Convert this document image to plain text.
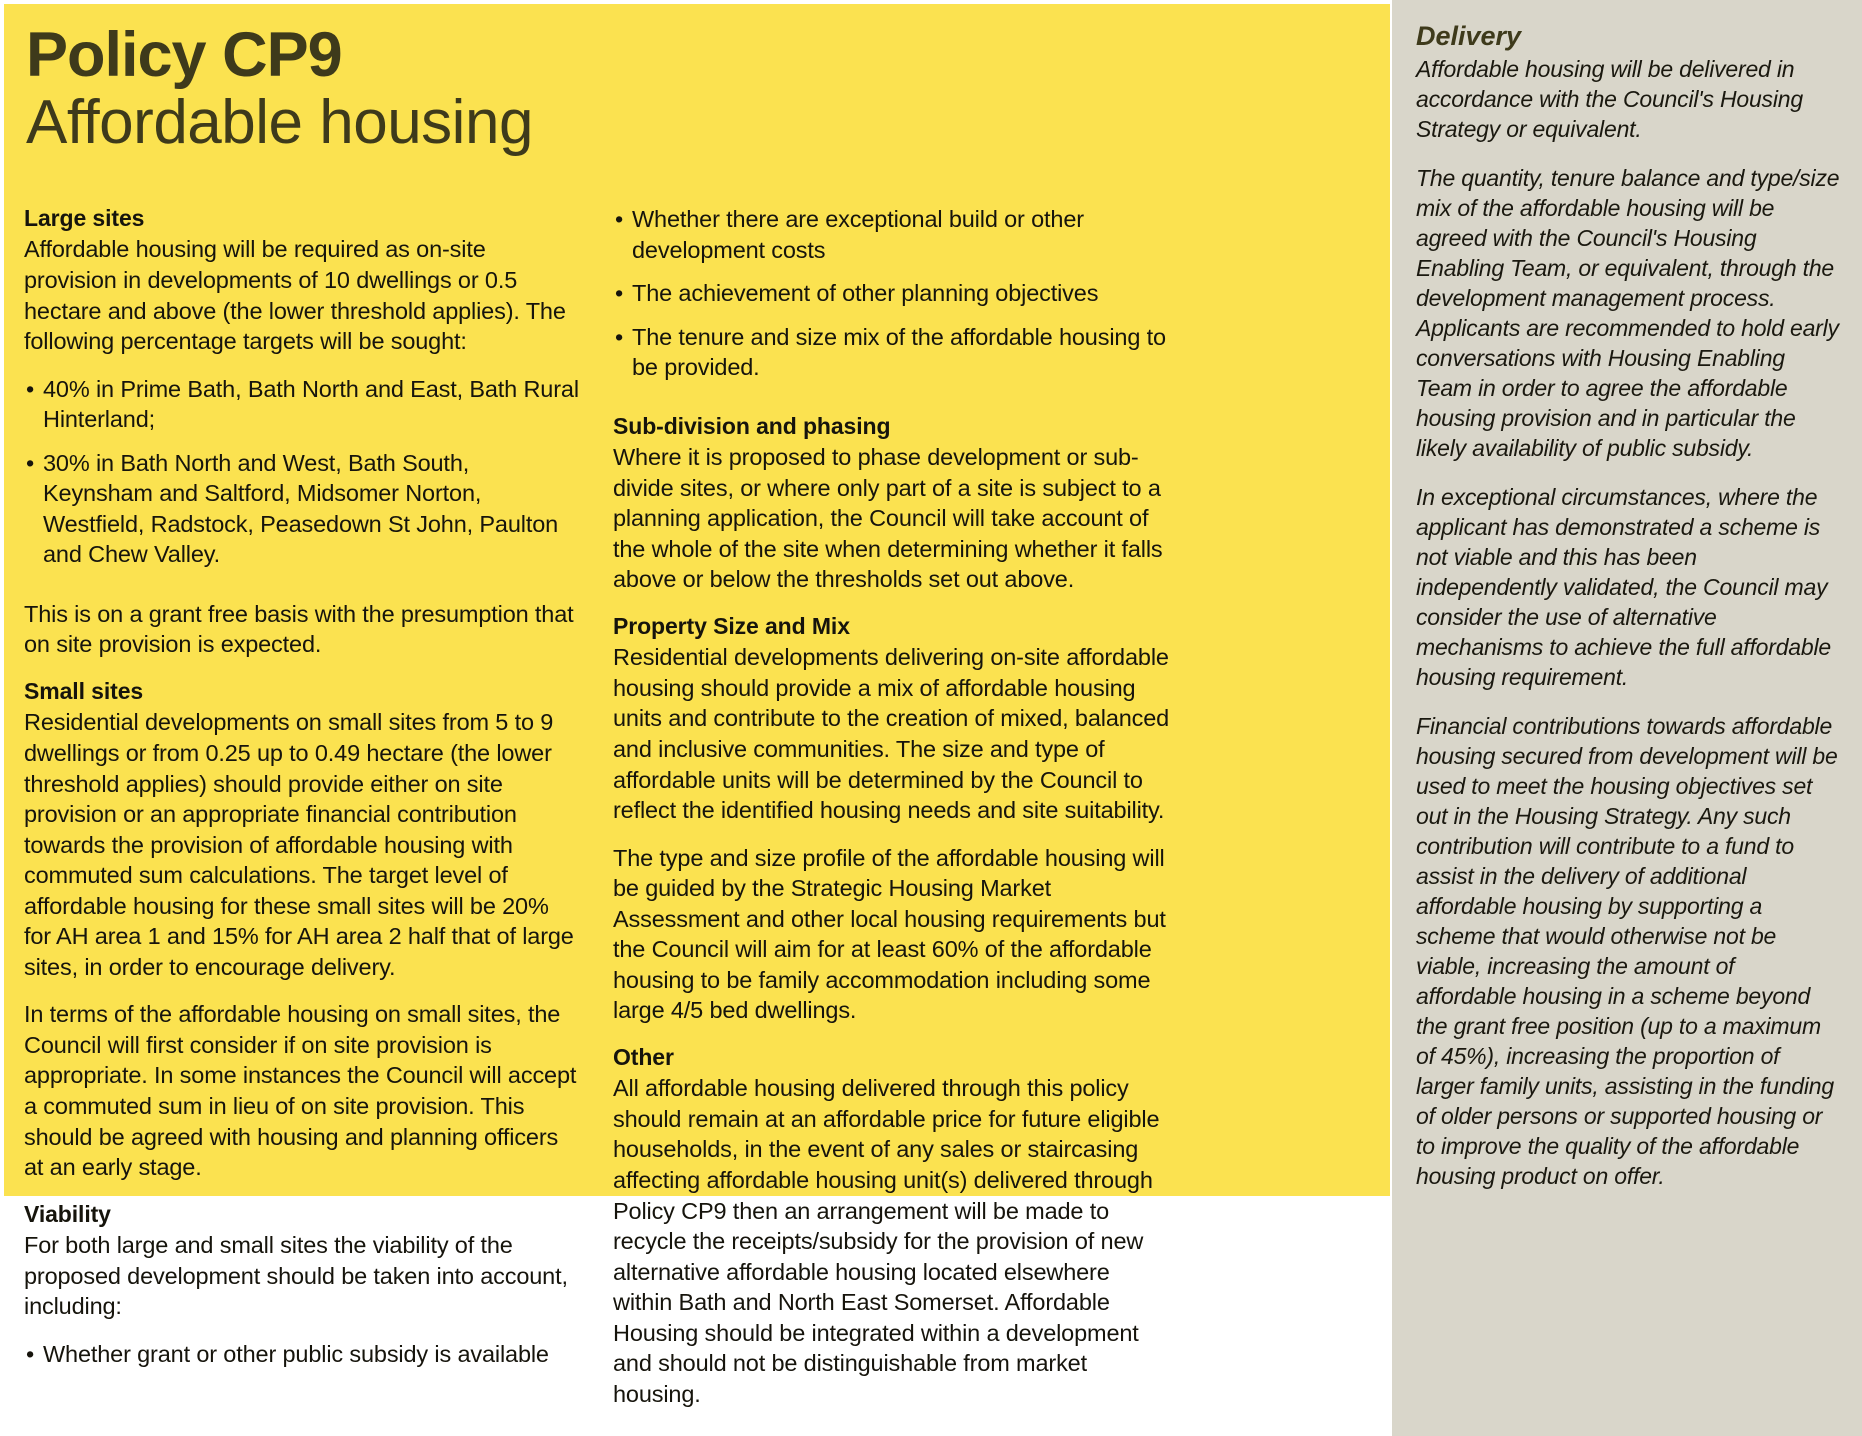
Policy CP9
Affordable housing
Large sites

Affordable housing will be required as on-site provision in developments of 10 dwellings or 0.5 hectare and above (the lower threshold applies). The following percentage targets will be sought:

• 40% in Prime Bath, Bath North and East, Bath Rural Hinterland;
• 30% in Bath North and West, Bath South, Keynsham and Saltford, Midsomer Norton, Westfield, Radstock, Peasedown St John, Paulton and Chew Valley.

This is on a grant free basis with the presumption that on site provision is expected.

Small sites

Residential developments on small sites from 5 to 9 dwellings or from 0.25 up to 0.49 hectare (the lower threshold applies) should provide either on site provision or an appropriate financial contribution towards the provision of affordable housing with commuted sum calculations. The target level of affordable housing for these small sites will be 20% for AH area 1 and 15% for AH area 2 half that of large sites, in order to encourage delivery.

In terms of the affordable housing on small sites, the Council will first consider if on site provision is appropriate. In some instances the Council will accept a commuted sum in lieu of on site provision. This should be agreed with housing and planning officers at an early stage.

Viability

For both large and small sites the viability of the proposed development should be taken into account, including:

• Whether grant or other public subsidy is available
• Whether there are exceptional build or other development costs
• The achievement of other planning objectives
• The tenure and size mix of the affordable housing to be provided.
Sub-division and phasing

Where it is proposed to phase development or sub-divide sites, or where only part of a site is subject to a planning application, the Council will take account of the whole of the site when determining whether it falls above or below the thresholds set out above.

Property Size and Mix

Residential developments delivering on-site affordable housing should provide a mix of affordable housing units and contribute to the creation of mixed, balanced and inclusive communities. The size and type of affordable units will be determined by the Council to reflect the identified housing needs and site suitability.

The type and size profile of the affordable housing will be guided by the Strategic Housing Market Assessment and other local housing requirements but the Council will aim for at least 60% of the affordable housing to be family accommodation including some large 4/5 bed dwellings.

Other

All affordable housing delivered through this policy should remain at an affordable price for future eligible households, in the event of any sales or staircasing affecting affordable housing unit(s) delivered through Policy CP9 then an arrangement will be made to recycle the receipts/subsidy for the provision of new alternative affordable housing located elsewhere within Bath and North East Somerset. Affordable Housing should be integrated within a development and should not be distinguishable from market housing.

Delivery

Affordable housing will be delivered in accordance with the Council's Housing Strategy or equivalent.

The quantity, tenure balance and type/size mix of the affordable housing will be agreed with the Council's Housing Enabling Team, or equivalent, through the development management process. Applicants are recommended to hold early conversations with Housing Enabling Team in order to agree the affordable housing provision and in particular the likely availability of public subsidy.

In exceptional circumstances, where the applicant has demonstrated a scheme is not viable and this has been independently validated, the Council may consider the use of alternative mechanisms to achieve the full affordable housing requirement.

Financial contributions towards affordable housing secured from development will be used to meet the housing objectives set out in the Housing Strategy. Any such contribution will contribute to a fund to assist in the delivery of additional affordable housing by supporting a scheme that would otherwise not be viable, increasing the amount of affordable housing in a scheme beyond the grant free position (up to a maximum of 45%), increasing the proportion of larger family units, assisting in the funding of older persons or supported housing or to improve the quality of the affordable housing product on offer.
